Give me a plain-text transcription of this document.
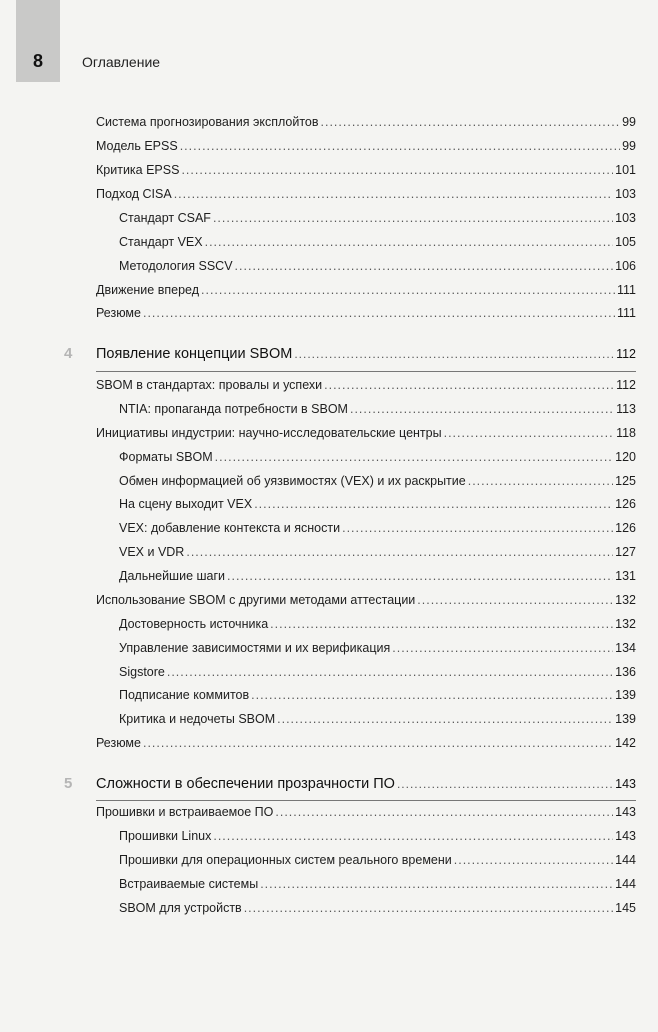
8	Оглавление
Система прогнозирования эксплойтов .....	99
Модель EPSS .....	99
Критика EPSS .....	101
Подход CISA .....	103
Стандарт CSAF .....	103
Стандарт VEX .....	105
Методология SSCV .....	106
Движение вперед .....	111
Резюме .....	111
4	Появление концепции SBOM .....	112
SBOM в стандартах: провалы и успехи .....	112
NTIA: пропаганда потребности в SBOM .....	113
Инициативы индустрии: научно-исследовательские центры .....	118
Форматы SBOM .....	120
Обмен информацией об уязвимостях (VEX) и их раскрытие .....	125
На сцену выходит VEX .....	126
VEX: добавление контекста и ясности .....	126
VEX и VDR .....	127
Дальнейшие шаги .....	131
Использование SBOM с другими методами аттестации .....	132
Достоверность источника .....	132
Управление зависимостями и их верификация .....	134
Sigstore .....	136
Подписание коммитов .....	139
Критика и недочеты SBOM .....	139
Резюме .....	142
5	Сложности в обеспечении прозрачности ПО .....	143
Прошивки и встраиваемое ПО .....	143
Прошивки Linux .....	143
Прошивки для операционных систем реального времени .....	144
Встраиваемые системы .....	144
SBOM для устройств .....	145
